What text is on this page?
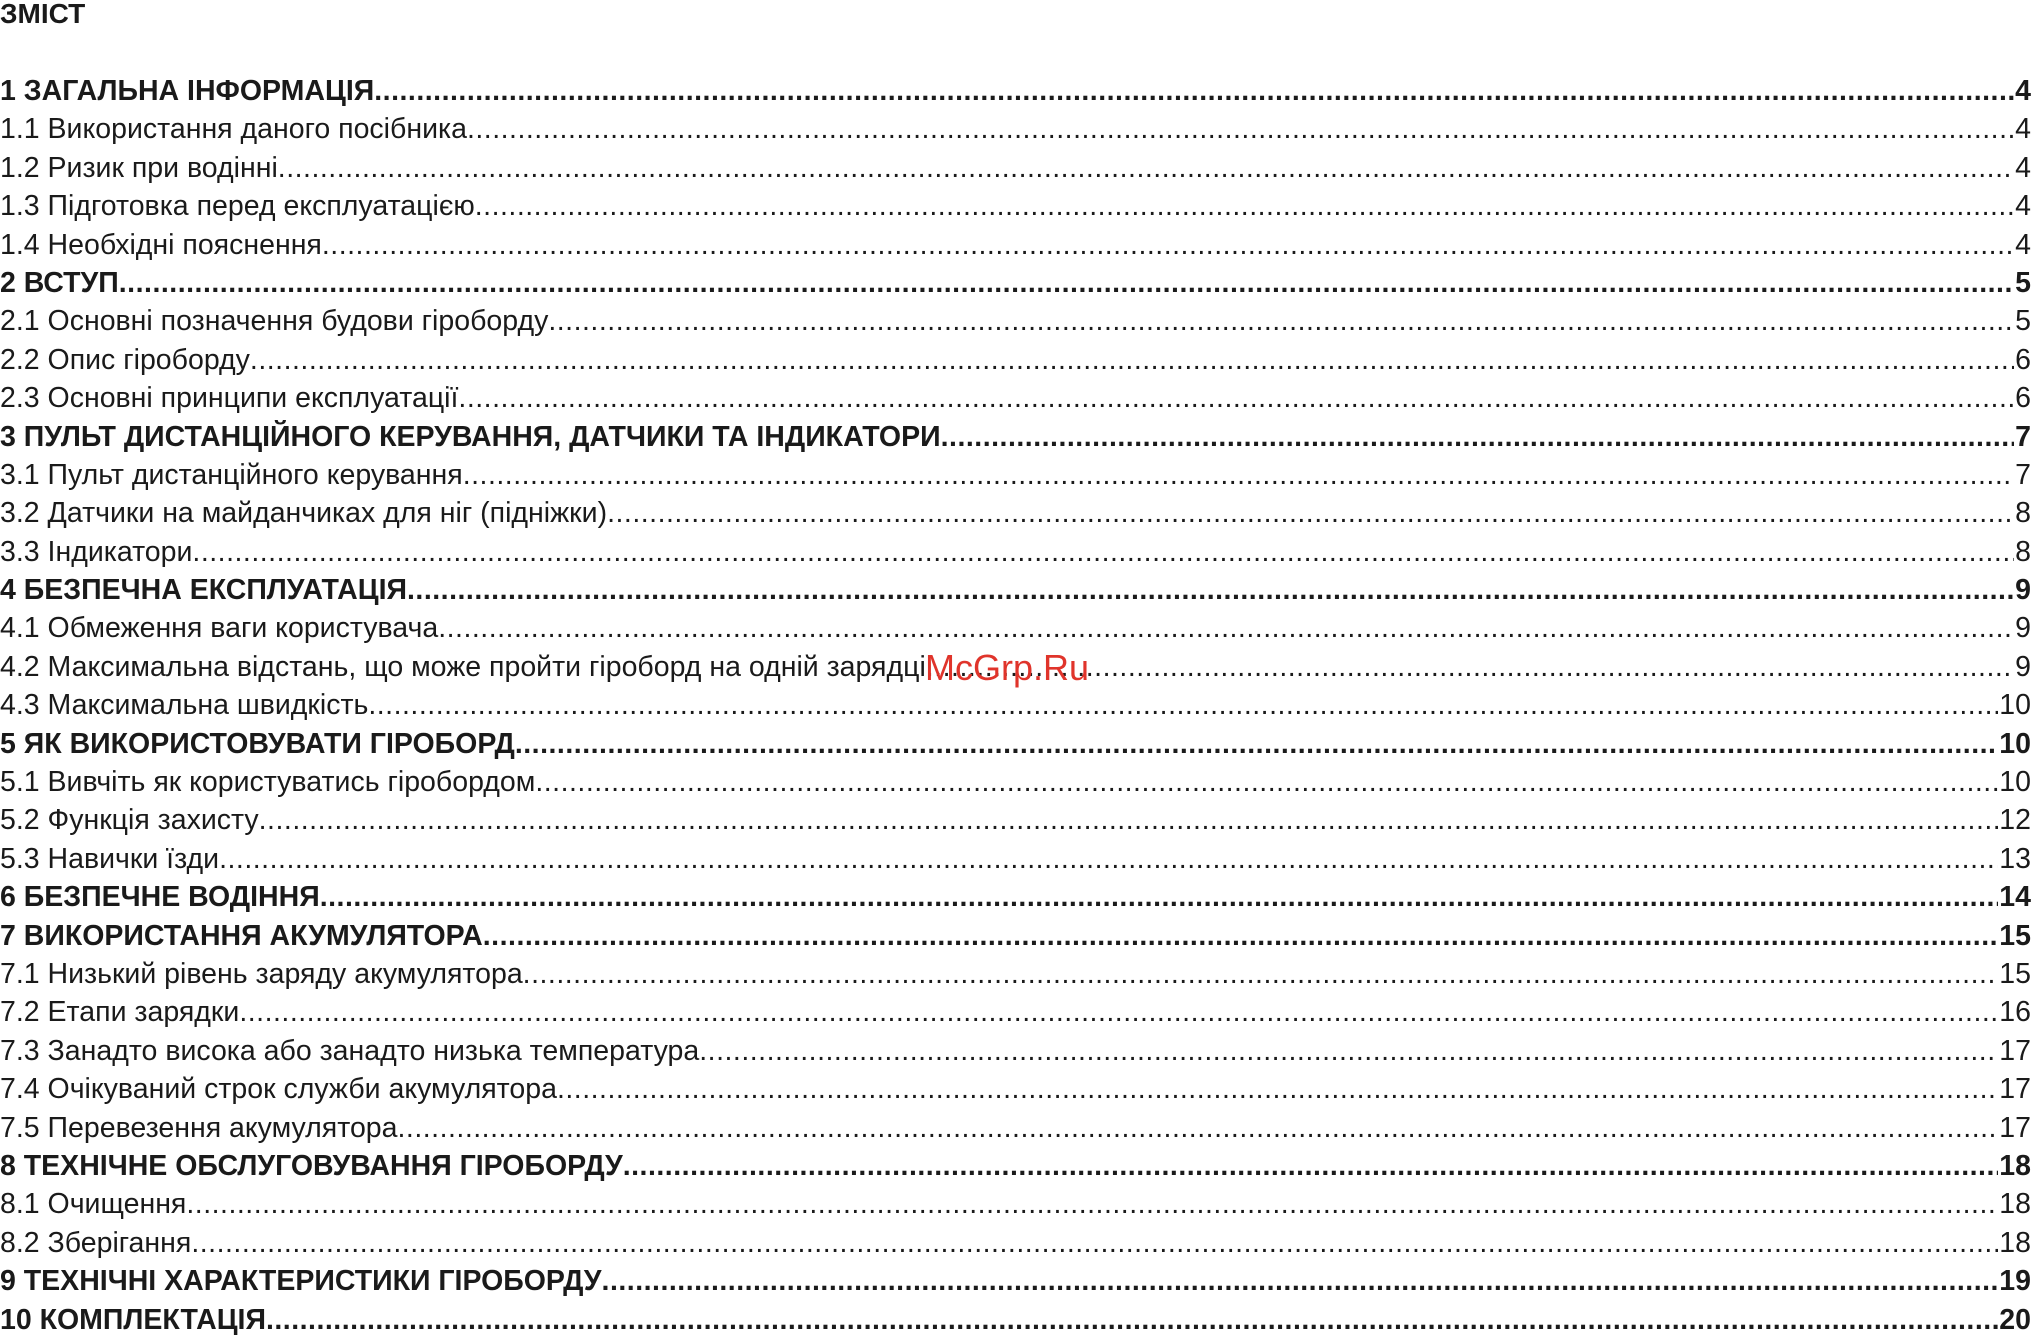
ЗМІСТ
1 ЗАГАЛЬНА ІНФОРМАЦІЯ .....	4
1.1 Використання даного посібника .....	4
1.2 Ризик при водінні .....	4
1.3 Підготовка перед експлуатацією .....	4
1.4 Необхідні пояснення .....	4
2 ВСТУП .....	5
2.1 Основні позначення будови гіроборду .....	5
2.2 Опис гіроборду .....	6
2.3 Основні принципи експлуатації .....	6
3 ПУЛЬТ ДИСТАНЦІЙНОГО КЕРУВАННЯ, ДАТЧИКИ ТА ІНДИКАТОРИ .....	7
3.1 Пульт дистанційного керування .....	7
3.2 Датчики на майданчиках для ніг (підніжки) .....	8
3.3 Індикатори .....	8
4 БЕЗПЕЧНА ЕКСПЛУАТАЦІЯ .....	9
4.1 Обмеження ваги користувача .....	9
4.2 Максимальна відстань, що може пройти гіроборд на одній зарядці .....	9
4.3 Максимальна швидкість .....	10
5 ЯК ВИКОРИСТОВУВАТИ ГІРОБОРД .....	10
5.1 Вивчіть як користуватись гіробордом .....	10
5.2 Функція захисту .....	12
5.3 Навички їзди .....	13
6 БЕЗПЕЧНЕ ВОДІННЯ .....	14
7 ВИКОРИСТАННЯ АКУМУЛЯТОРА .....	15
7.1 Низький рівень заряду акумулятора .....	15
7.2 Етапи зарядки .....	16
7.3 Занадто висока або занадто низька температура .....	17
7.4 Очікуваний строк служби акумулятора .....	17
7.5 Перевезення акумулятора .....	17
8 ТЕХНІЧНЕ ОБСЛУГОВУВАННЯ ГІРОБОРДУ .....	18
8.1 Очищення .....	18
8.2 Зберігання .....	18
9 ТЕХНІЧНІ ХАРАКТЕРИСТИКИ ГІРОБОРДУ .....	19
10 КОМПЛЕКТАЦІЯ .....	20
McGrp.Ru
